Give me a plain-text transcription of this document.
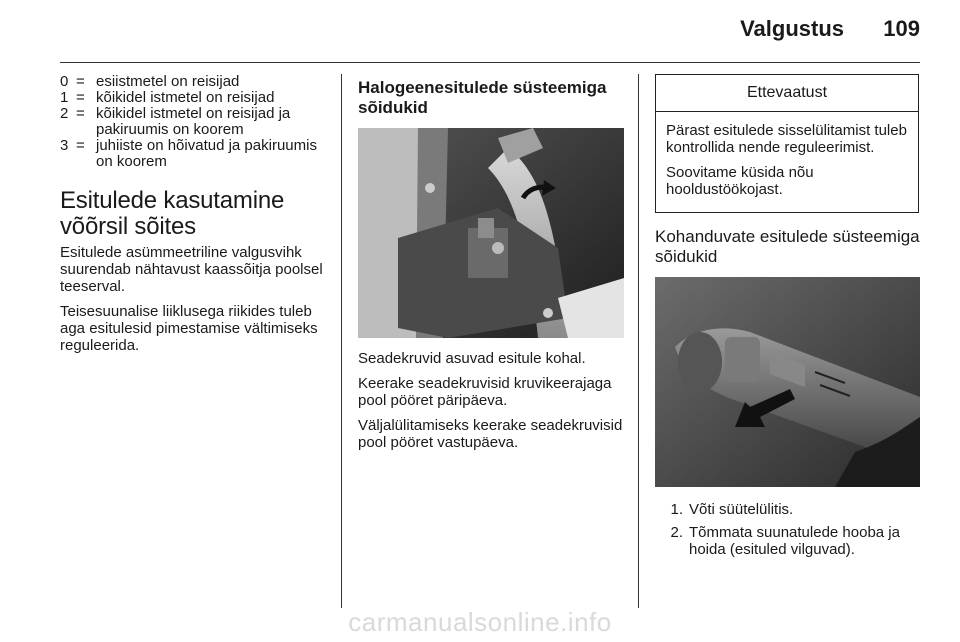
Valgustus 109
0 = esiistmetel on reisijad
1 = kõikidel istmetel on reisijad
2 = kõikidel istmetel on reisijad ja pakiruumis on koorem
3 = juhiiste on hõivatud ja pakiruumis on koorem
Esitulede kasutamine võõrsil sõites

Esitulede asümmeetriline valgusvihk suurendab nähtavust kaassõitja poolsel teeserval.

Teisesuunalise liiklusega riikides tuleb aga esitulesid pimestamise vältimiseks reguleerida.

Halogeenesitulede süsteemiga sõidukid

Seadekruvid asuvad esitule kohal.

Keerake seadekruvisid kruvikeerajaga pool pööret päripäeva.

Väljalülitamiseks keerake seadekruvisid pool pööret vastupäeva.

Ettevaatust

Pärast esitulede sisselülitamist tuleb kontrollida nende reguleerimist.

Soovitame küsida nõu hooldustöökojast.

Kohanduvate esitulede süsteemiga sõidukid
1. Võti süütelülitis.
2. Tõmmata suunatulede hooba ja hoida (esituled vilguvad).
carmanualsonline.info
